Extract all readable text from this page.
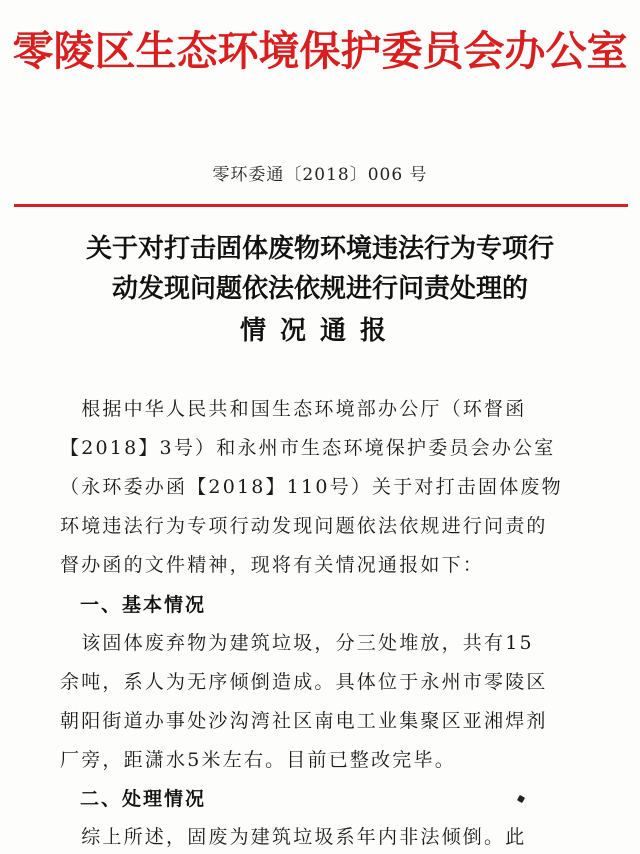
零陵区生态环境保护委员会办公室
零环委通〔2018〕006 号
关于对打击固体废物环境违法行为专项行
动发现问题依法依规进行问责处理的
情况通报
　根据中华人民共和国生态环境部办公厅（环督函
【2018】3号）和永州市生态环境保护委员会办公室
（永环委办函【2018】110号）关于对打击固体废物
环境违法行为专项行动发现问题依法依规进行问责的
督办函的文件精神，现将有关情况通报如下：
一、基本情况
　该固体废弃物为建筑垃圾，分三处堆放，共有15
余吨，系人为无序倾倒造成。具体位于永州市零陵区
朝阳街道办事处沙沟湾社区南电工业集聚区亚湘焊剂
厂旁，距潇水5米左右。目前已整改完毕。
二、处理情况
　综上所述，固废为建筑垃圾系年内非法倾倒。此
